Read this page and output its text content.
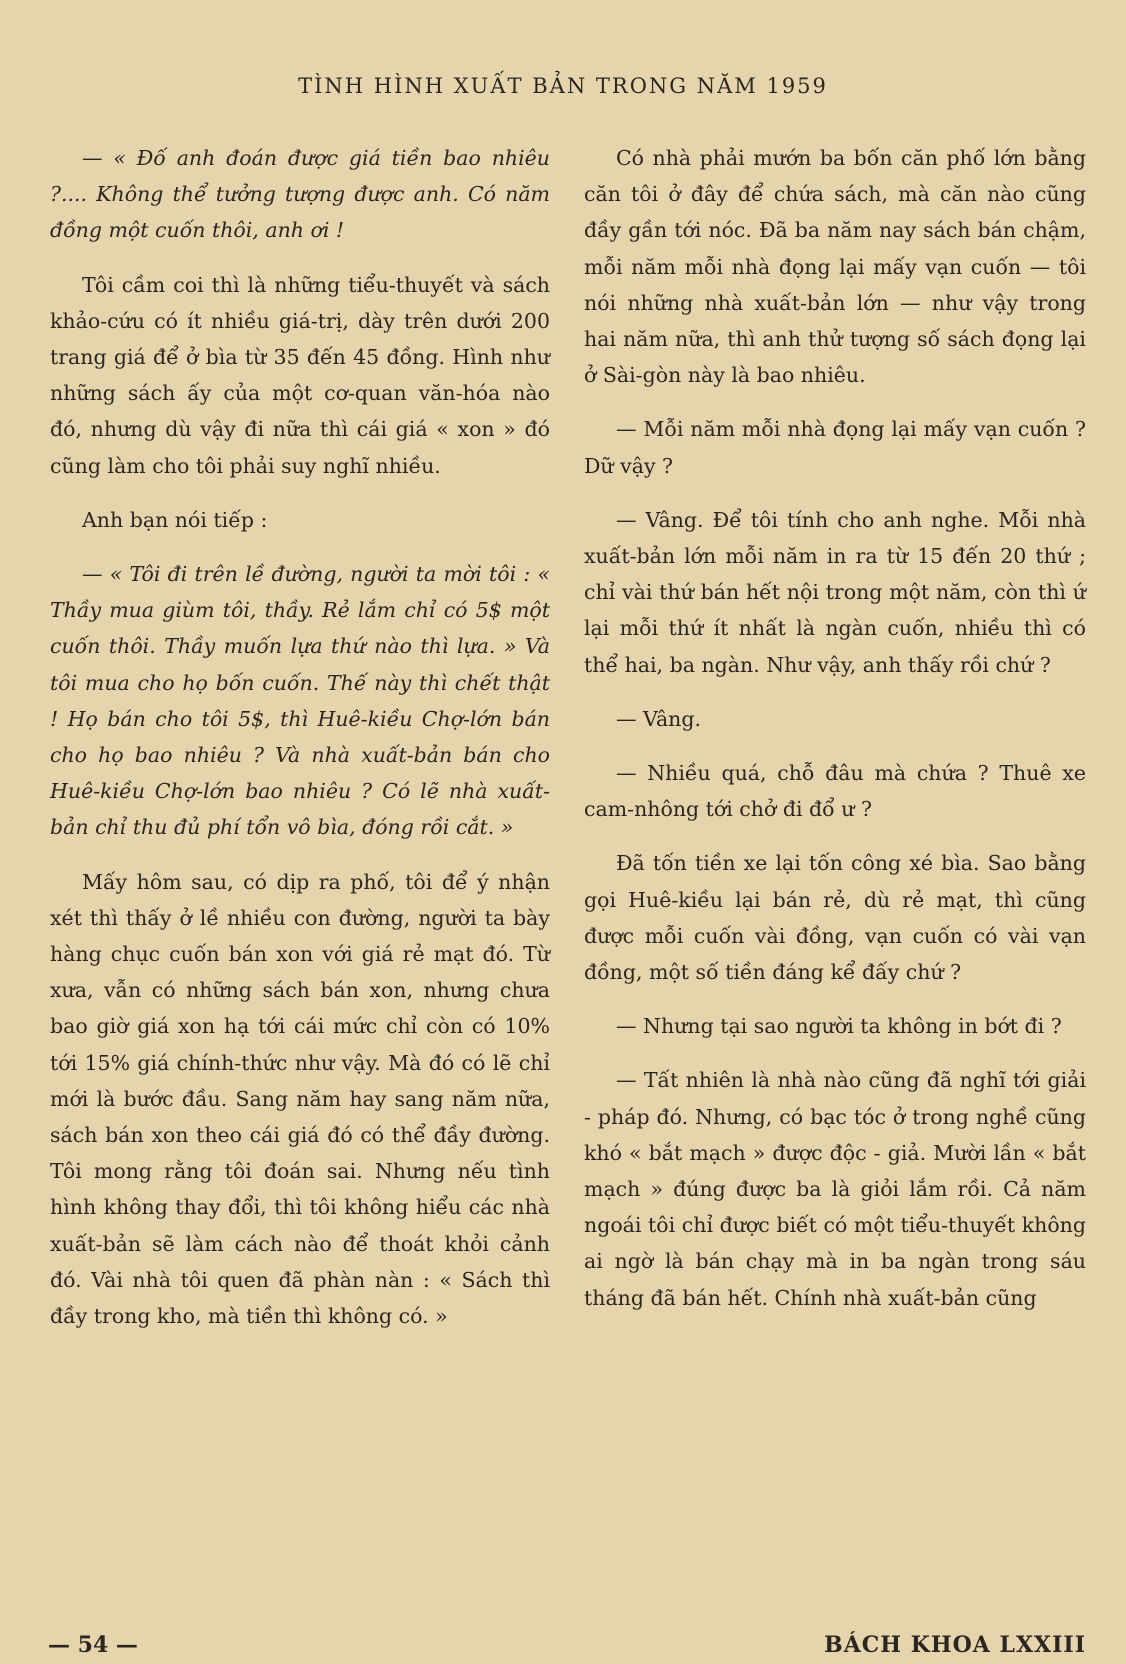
TÌNH HÌNH XUẤT BẢN TRONG NĂM 1959

— « Đố anh đoán được giá tiền bao nhiêu ?.... Không thể tưởng tượng được anh. Có năm đồng một cuốn thôi, anh ơi !

Tôi cầm coi thì là những tiểu-thuyết và sách khảo-cứu có ít nhiều giá-trị, dày trên dưới 200 trang giá để ở bìa từ 35 đến 45 đồng. Hình như những sách ấy của một cơ-quan văn-hóa nào đó, nhưng dù vậy đi nữa thì cái giá « xon » đó cũng làm cho tôi phải suy nghĩ nhiều.

Anh bạn nói tiếp :

— « Tôi đi trên lề đường, người ta mời tôi : « Thầy mua giùm tôi, thầy. Rẻ lắm chỉ có 5$ một cuốn thôi. Thầy muốn lựa thứ nào thì lựa. » Và tôi mua cho họ bốn cuốn. Thế này thì chết thật ! Họ bán cho tôi 5$, thì Huê-kiều Chợ-lớn bán cho họ bao nhiêu ? Và nhà xuất-bản bán cho Huê-kiều Chợ-lớn bao nhiêu ? Có lẽ nhà xuất-bản chỉ thu đủ phí tổn vô bìa, đóng rồi cắt. »

Mấy hôm sau, có dịp ra phố, tôi để ý nhận xét thì thấy ở lề nhiều con đường, người ta bày hàng chục cuốn bán xon với giá rẻ mạt đó. Từ xưa, vẫn có những sách bán xon, nhưng chưa bao giờ giá xon hạ tới cái mức chỉ còn có 10% tới 15% giá chính-thức như vậy. Mà đó có lẽ chỉ mới là bước đầu. Sang năm hay sang năm nữa, sách bán xon theo cái giá đó có thể đầy đường. Tôi mong rằng tôi đoán sai. Nhưng nếu tình hình không thay đổi, thì tôi không hiểu các nhà xuất-bản sẽ làm cách nào để thoát khỏi cảnh đó. Vài nhà tôi quen đã phàn nàn : « Sách thì đầy trong kho, mà tiền thì không có. »

Có nhà phải mướn ba bốn căn phố lớn bằng căn tôi ở đây để chứa sách, mà căn nào cũng đầy gần tới nóc. Đã ba năm nay sách bán chậm, mỗi năm mỗi nhà đọng lại mấy vạn cuốn — tôi nói những nhà xuất-bản lớn — như vậy trong hai năm nữa, thì anh thử tượng số sách đọng lại ở Sài-gòn này là bao nhiêu.

— Mỗi năm mỗi nhà đọng lại mấy vạn cuốn ? Dữ vậy ?

— Vâng. Để tôi tính cho anh nghe. Mỗi nhà xuất-bản lớn mỗi năm in ra từ 15 đến 20 thứ ; chỉ vài thứ bán hết nội trong một năm, còn thì ứ lại mỗi thứ ít nhất là ngàn cuốn, nhiều thì có thể hai, ba ngàn. Như vậy, anh thấy rồi chứ ?

— Vâng.

— Nhiều quá, chỗ đâu mà chứa ? Thuê xe cam-nhông tới chở đi đổ ư ?

Đã tốn tiền xe lại tốn công xé bìa. Sao bằng gọi Huê-kiều lại bán rẻ, dù rẻ mạt, thì cũng được mỗi cuốn vài đồng, vạn cuốn có vài vạn đồng, một số tiền đáng kể đấy chứ ?

— Nhưng tại sao người ta không in bớt đi ?

— Tất nhiên là nhà nào cũng đã nghĩ tới giải - pháp đó. Nhưng, có bạc tóc ở trong nghề cũng khó « bắt mạch » được độc - giả. Mười lần « bắt mạch » đúng được ba là giỏi lắm rồi. Cả năm ngoái tôi chỉ được biết có một tiểu-thuyết không ai ngờ là bán chạy mà in ba ngàn trong sáu tháng đã bán hết. Chính nhà xuất-bản cũng

— 54 —	BÁCH KHOA LXXIII
